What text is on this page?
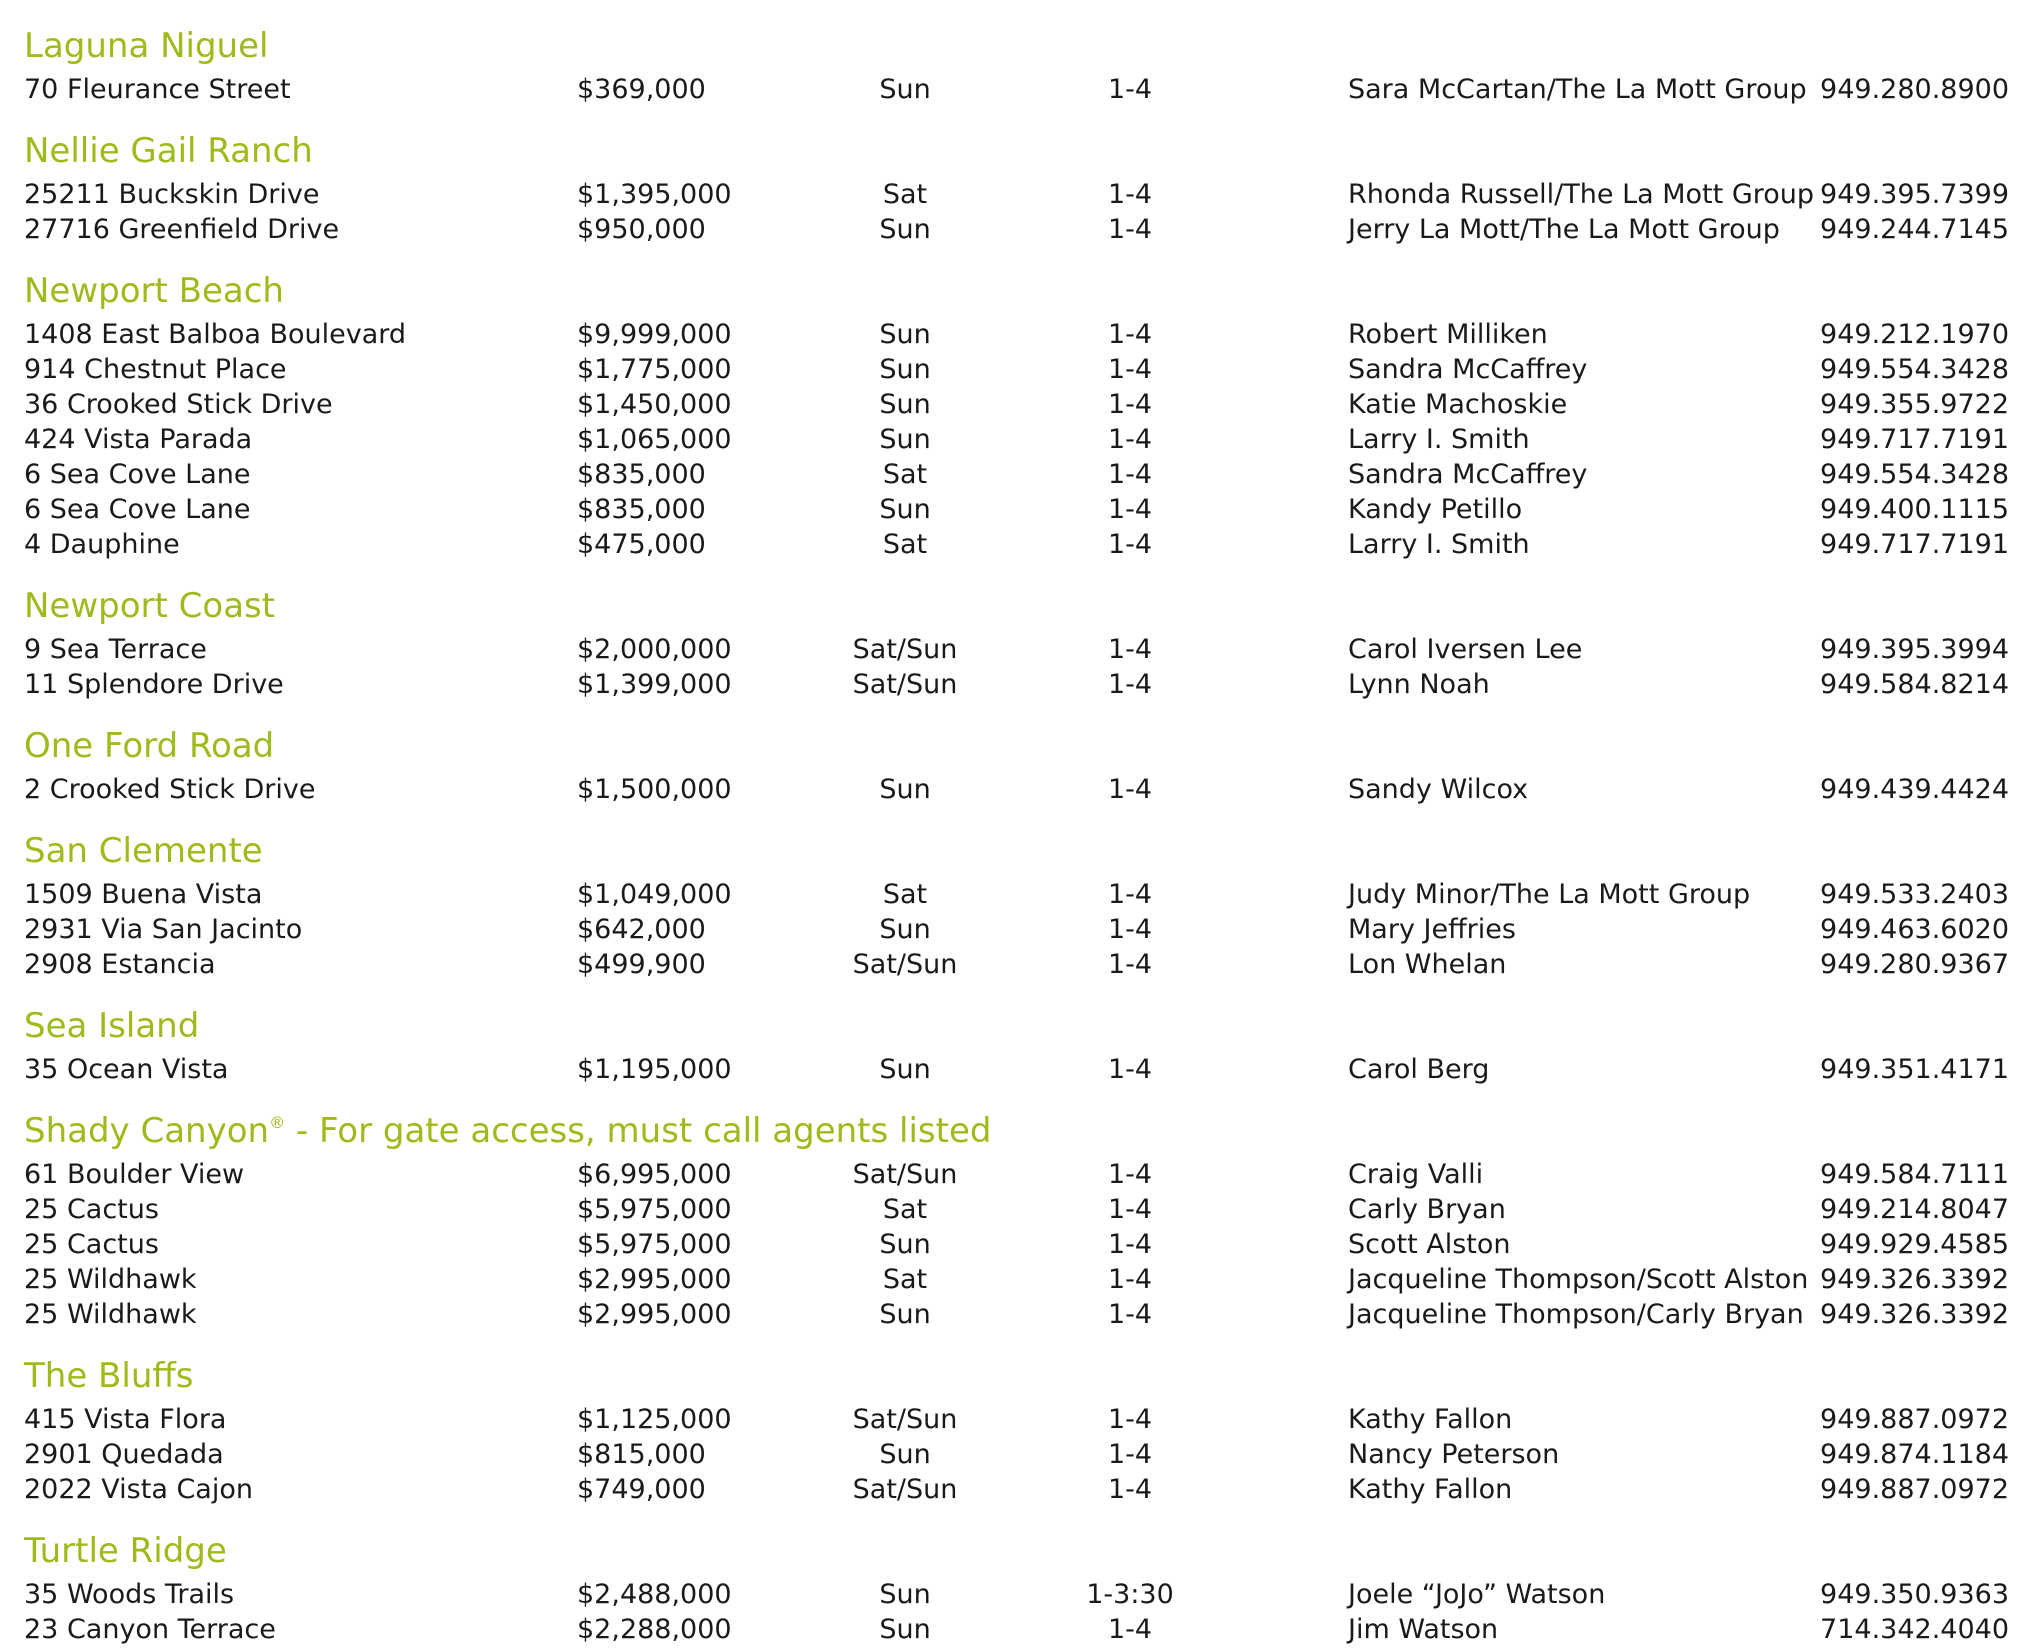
Laguna Niguel
70 Fleurance Street	$369,000	Sun	1-4	Sara McCartan/The La Mott Group 949.280.8900
Nellie Gail Ranch
25211 Buckskin Drive	$1,395,000	Sat	1-4	Rhonda Russell/The La Mott Group 949.395.7399
27716 Greenfield Drive	$950,000	Sun	1-4	Jerry La Mott/The La Mott Group 949.244.7145
Newport Beach
1408 East Balboa Boulevard	$9,999,000	Sun	1-4	Robert Milliken	949.212.1970
914 Chestnut Place	$1,775,000	Sun	1-4	Sandra McCaffrey	949.554.3428
36 Crooked Stick Drive	$1,450,000	Sun	1-4	Katie Machoskie	949.355.9722
424 Vista Parada	$1,065,000	Sun	1-4	Larry I. Smith	949.717.7191
6 Sea Cove Lane	$835,000	Sat	1-4	Sandra McCaffrey	949.554.3428
6 Sea Cove Lane	$835,000	Sun	1-4	Kandy Petillo	949.400.1115
4 Dauphine	$475,000	Sat	1-4	Larry I. Smith	949.717.7191
Newport Coast
9 Sea Terrace	$2,000,000	Sat/Sun	1-4	Carol Iversen Lee	949.395.3994
11 Splendore Drive	$1,399,000	Sat/Sun	1-4	Lynn Noah	949.584.8214
One Ford Road
2 Crooked Stick Drive	$1,500,000	Sun	1-4	Sandy Wilcox	949.439.4424
San Clemente
1509 Buena Vista	$1,049,000	Sat	1-4	Judy Minor/The La Mott Group	949.533.2403
2931 Via San Jacinto	$642,000	Sun	1-4	Mary Jeffries	949.463.6020
2908 Estancia	$499,900	Sat/Sun	1-4	Lon Whelan	949.280.9367
Sea Island
35 Ocean Vista	$1,195,000	Sun	1-4	Carol Berg	949.351.4171
Shady Canyon® - For gate access, must call agents listed
61 Boulder View	$6,995,000	Sat/Sun	1-4	Craig Valli	949.584.7111
25 Cactus	$5,975,000	Sat	1-4	Carly Bryan	949.214.8047
25 Cactus	$5,975,000	Sun	1-4	Scott Alston	949.929.4585
25 Wildhawk	$2,995,000	Sat	1-4	Jacqueline Thompson/Scott Alston 949.326.3392
25 Wildhawk	$2,995,000	Sun	1-4	Jacqueline Thompson/Carly Bryan 949.326.3392
The Bluffs
415 Vista Flora	$1,125,000	Sat/Sun	1-4	Kathy Fallon	949.887.0972
2901 Quedada	$815,000	Sun	1-4	Nancy Peterson	949.874.1184
2022 Vista Cajon	$749,000	Sat/Sun	1-4	Kathy Fallon	949.887.0972
Turtle Ridge
35 Woods Trails	$2,488,000	Sun	1-3:30	Joele “JoJo” Watson	949.350.9363
23 Canyon Terrace	$2,288,000	Sun	1-4	Jim Watson	714.342.4040
